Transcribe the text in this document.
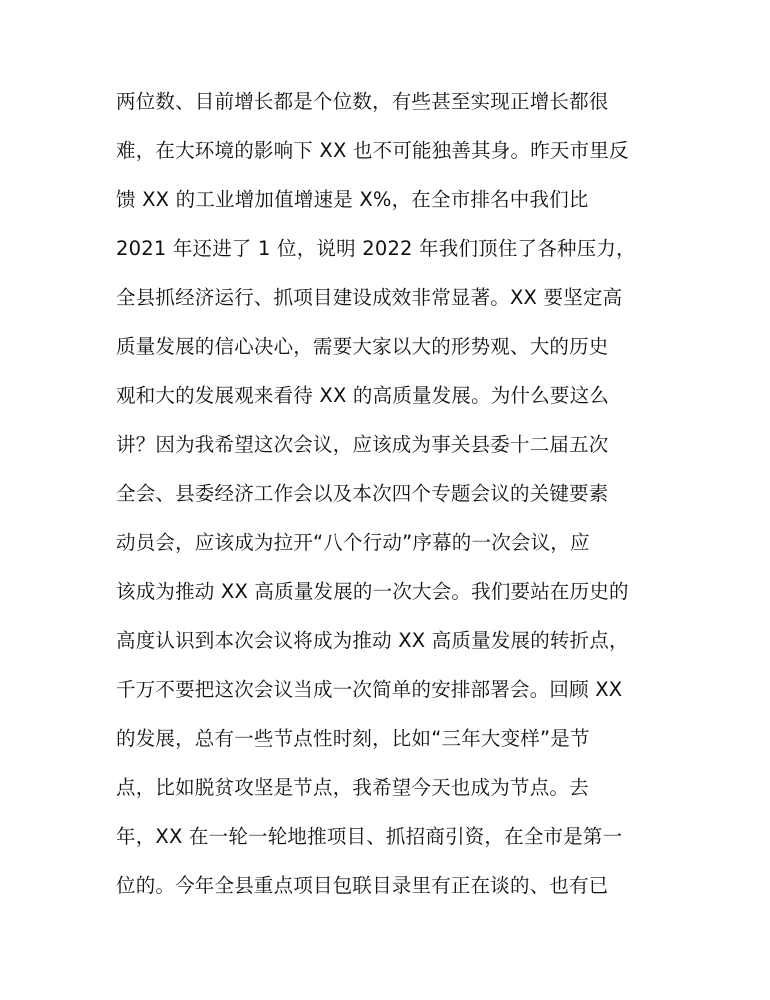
两位数、目前增长都是个位数，有些甚至实现正增长都很
难，在大环境的影响下 XX 也不可能独善其身。昨天市里反
馈 XX 的工业增加值增速是 X%，在全市排名中我们比
2021 年还进了 1 位，说明 2022 年我们顶住了各种压力，
全县抓经济运行、抓项目建设成效非常显著。XX 要坚定高
质量发展的信心决心，需要大家以大的形势观、大的历史
观和大的发展观来看待 XX 的高质量发展。为什么要这么
讲？因为我希望这次会议，应该成为事关县委十二届五次
全会、县委经济工作会以及本次四个专题会议的关键要素
动员会，应该成为拉开“八个行动”序幕的一次会议，应
该成为推动 XX 高质量发展的一次大会。我们要站在历史的
高度认识到本次会议将成为推动 XX 高质量发展的转折点，
千万不要把这次会议当成一次简单的安排部署会。回顾 XX
的发展，总有一些节点性时刻，比如“三年大变样”是节
点，比如脱贫攻坚是节点，我希望今天也成为节点。去
年，XX 在一轮一轮地推项目、抓招商引资，在全市是第一
位的。今年全县重点项目包联目录里有正在谈的、也有已
